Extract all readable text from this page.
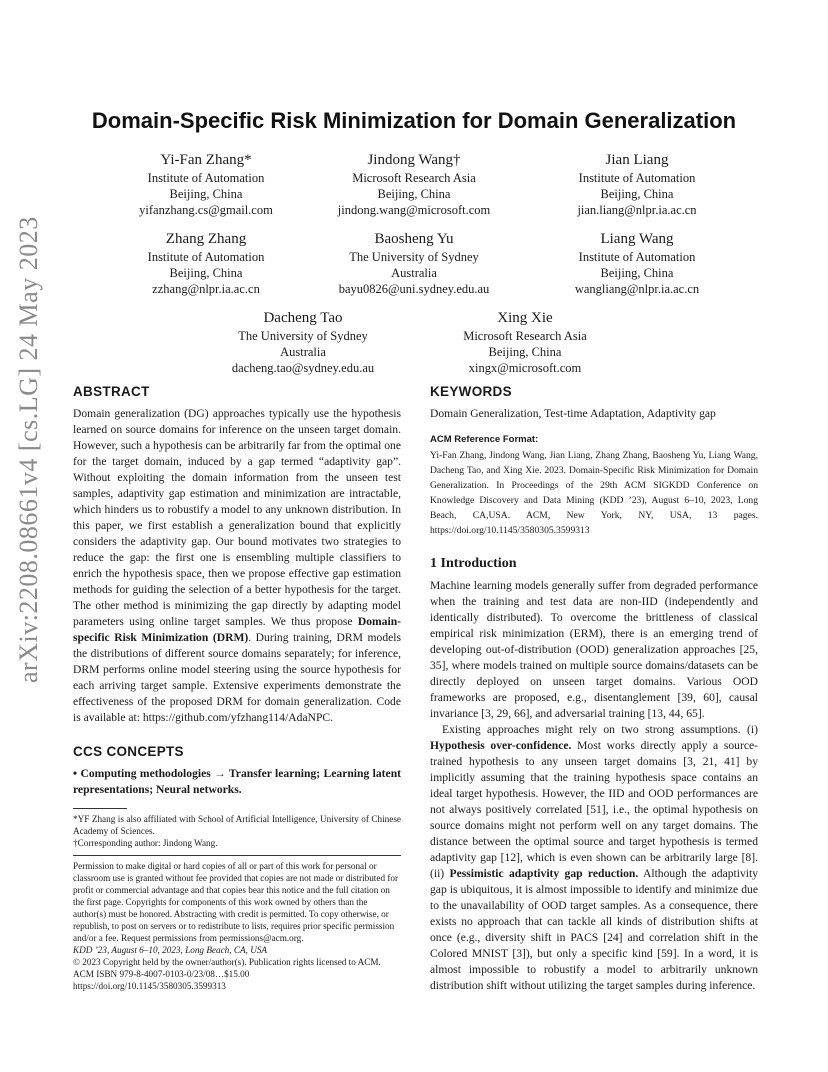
arXiv:2208.08661v4 [cs.LG] 24 May 2023
Domain-Specific Risk Minimization for Domain Generalization
Yi-Fan Zhang*
Institute of Automation
Beijing, China
yifanzhang.cs@gmail.com
Jindong Wang†
Microsoft Research Asia
Beijing, China
jindong.wang@microsoft.com
Jian Liang
Institute of Automation
Beijing, China
jian.liang@nlpr.ia.ac.cn
Zhang Zhang
Institute of Automation
Beijing, China
zzhang@nlpr.ia.ac.cn
Baosheng Yu
The University of Sydney
Australia
bayu0826@uni.sydney.edu.au
Liang Wang
Institute of Automation
Beijing, China
wangliang@nlpr.ia.ac.cn
Dacheng Tao
The University of Sydney
Australia
dacheng.tao@sydney.edu.au
Xing Xie
Microsoft Research Asia
Beijing, China
xingx@microsoft.com
ABSTRACT

Domain generalization (DG) approaches typically use the hypothesis learned on source domains for inference on the unseen target domain. However, such a hypothesis can be arbitrarily far from the optimal one for the target domain, induced by a gap termed “adaptivity gap”. Without exploiting the domain information from the unseen test samples, adaptivity gap estimation and minimization are intractable, which hinders us to robustify a model to any unknown distribution. In this paper, we first establish a generalization bound that explicitly considers the adaptivity gap. Our bound motivates two strategies to reduce the gap: the first one is ensembling multiple classifiers to enrich the hypothesis space, then we propose effective gap estimation methods for guiding the selection of a better hypothesis for the target. The other method is minimizing the gap directly by adapting model parameters using online target samples. We thus propose Domain-specific Risk Minimization (DRM). During training, DRM models the distributions of different source domains separately; for inference, DRM performs online model steering using the source hypothesis for each arriving target sample. Extensive experiments demonstrate the effectiveness of the proposed DRM for domain generalization. Code is available at: https://github.com/yfzhang114/AdaNPC.

CCS CONCEPTS

• Computing methodologies → Transfer learning; Learning latent representations; Neural networks.

*YF Zhang is also affiliated with School of Artificial Intelligence, University of Chinese Academy of Sciences.

†Corresponding author: Jindong Wang.

Permission to make digital or hard copies of all or part of this work for personal or classroom use is granted without fee provided that copies are not made or distributed for profit or commercial advantage and that copies bear this notice and the full citation on the first page. Copyrights for components of this work owned by others than the author(s) must be honored. Abstracting with credit is permitted. To copy otherwise, or republish, to post on servers or to redistribute to lists, requires prior specific permission and/or a fee. Request permissions from permissions@acm.org.

KDD ’23, August 6–10, 2023, Long Beach, CA, USA

© 2023 Copyright held by the owner/author(s). Publication rights licensed to ACM.

ACM ISBN 979-8-4007-0103-0/23/08…$15.00

https://doi.org/10.1145/3580305.3599313

KEYWORDS

Domain Generalization, Test-time Adaptation, Adaptivity gap

ACM Reference Format:

Yi-Fan Zhang, Jindong Wang, Jian Liang, Zhang Zhang, Baosheng Yu, Liang Wang, Dacheng Tao, and Xing Xie. 2023. Domain-Specific Risk Minimization for Domain Generalization. In Proceedings of the 29th ACM SIGKDD Conference on Knowledge Discovery and Data Mining (KDD ’23), August 6–10, 2023, Long Beach, CA,USA. ACM, New York, NY, USA, 13 pages. https://doi.org/10.1145/3580305.3599313

1 Introduction

Machine learning models generally suffer from degraded performance when the training and test data are non-IID (independently and identically distributed). To overcome the brittleness of classical empirical risk minimization (ERM), there is an emerging trend of developing out-of-distribution (OOD) generalization approaches [25, 35], where models trained on multiple source domains/datasets can be directly deployed on unseen target domains. Various OOD frameworks are proposed, e.g., disentanglement [39, 60], causal invariance [3, 29, 66], and adversarial training [13, 44, 65].

Existing approaches might rely on two strong assumptions. (i) Hypothesis over-confidence. Most works directly apply a source-trained hypothesis to any unseen target domains [3, 21, 41] by implicitly assuming that the training hypothesis space contains an ideal target hypothesis. However, the IID and OOD performances are not always positively correlated [51], i.e., the optimal hypothesis on source domains might not perform well on any target domains. The distance between the optimal source and target hypothesis is termed adaptivity gap [12], which is even shown can be arbitrarily large [8]. (ii) Pessimistic adaptivity gap reduction. Although the adaptivity gap is ubiquitous, it is almost impossible to identify and minimize due to the unavailability of OOD target samples. As a consequence, there exists no approach that can tackle all kinds of distribution shifts at once (e.g., diversity shift in PACS [24] and correlation shift in the Colored MNIST [3]), but only a specific kind [59]. In a word, it is almost impossible to robustify a model to arbitrarily unknown distribution shift without utilizing the target samples during inference.
